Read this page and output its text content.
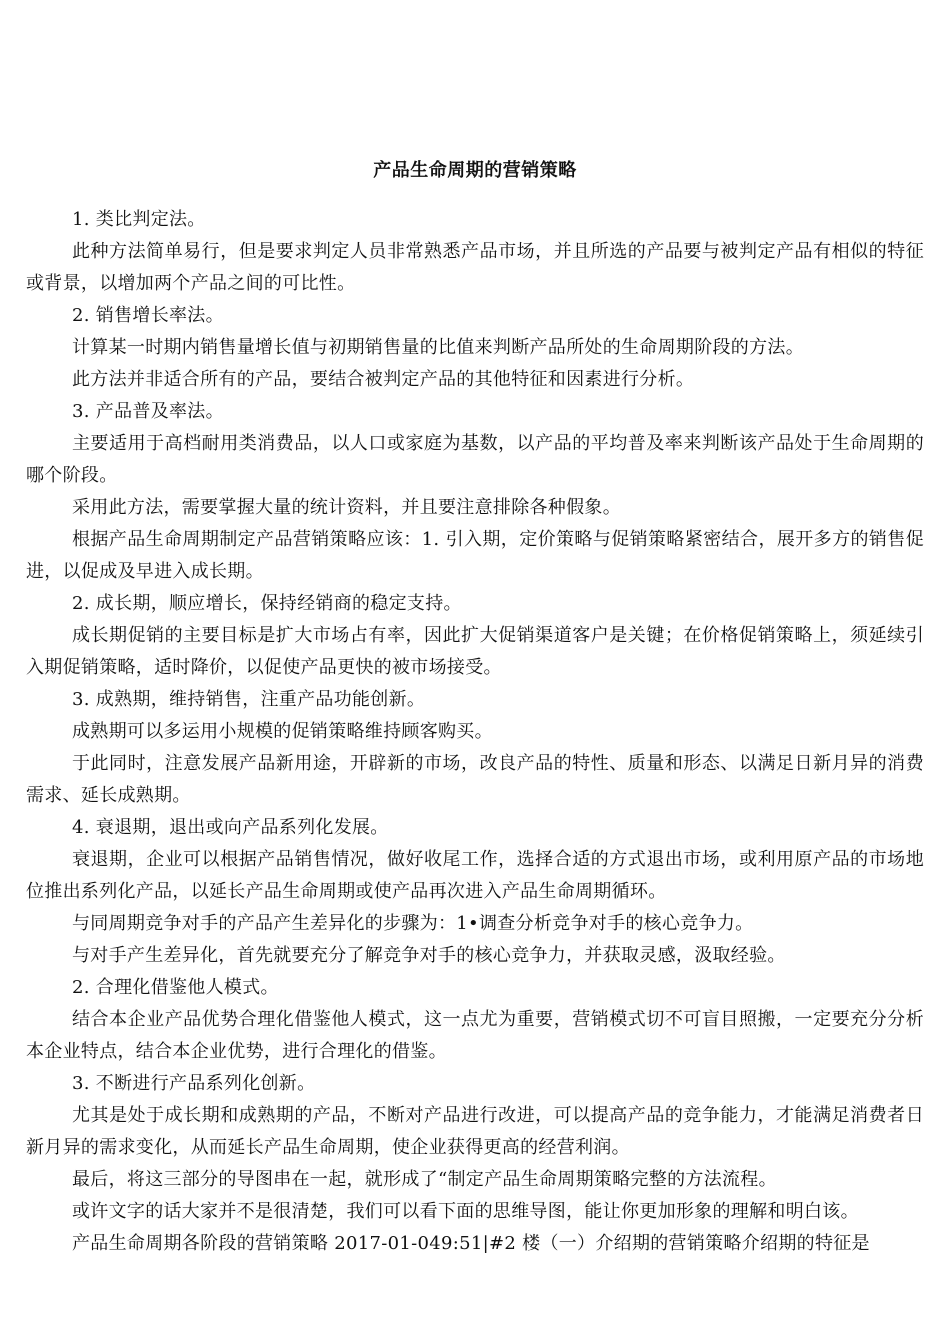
产品生命周期的营销策略

1. 类比判定法。

此种方法简单易行，但是要求判定人员非常熟悉产品市场，并且所选的产品要与被判定产品有相似的特征或背景，以增加两个产品之间的可比性。

2. 销售增长率法。

计算某一时期内销售量增长值与初期销售量的比值来判断产品所处的生命周期阶段的方法。

此方法并非适合所有的产品，要结合被判定产品的其他特征和因素进行分析。

3. 产品普及率法。

主要适用于高档耐用类消费品，以人口或家庭为基数，以产品的平均普及率来判断该产品处于生命周期的哪个阶段。

采用此方法，需要掌握大量的统计资料，并且要注意排除各种假象。

根据产品生命周期制定产品营销策略应该：1. 引入期，定价策略与促销策略紧密结合，展开多方的销售促进，以促成及早进入成长期。

2. 成长期，顺应增长，保持经销商的稳定支持。

成长期促销的主要目标是扩大市场占有率，因此扩大促销渠道客户是关键；在价格促销策略上，须延续引入期促销策略，适时降价，以促使产品更快的被市场接受。

3. 成熟期，维持销售，注重产品功能创新。

成熟期可以多运用小规模的促销策略维持顾客购买。

于此同时，注意发展产品新用途，开辟新的市场，改良产品的特性、质量和形态、以满足日新月异的消费需求、延长成熟期。

4. 衰退期，退出或向产品系列化发展。

衰退期，企业可以根据产品销售情况，做好收尾工作，选择合适的方式退出市场，或利用原产品的市场地位推出系列化产品，以延长产品生命周期或使产品再次进入产品生命周期循环。

与同周期竞争对手的产品产生差异化的步骤为：1•调查分析竞争对手的核心竞争力。

与对手产生差异化，首先就要充分了解竞争对手的核心竞争力，并获取灵感，汲取经验。

2. 合理化借鉴他人模式。

结合本企业产品优势合理化借鉴他人模式，这一点尤为重要，营销模式切不可盲目照搬，一定要充分分析本企业特点，结合本企业优势，进行合理化的借鉴。

3. 不断进行产品系列化创新。

尤其是处于成长期和成熟期的产品，不断对产品进行改进，可以提高产品的竞争能力，才能满足消费者日新月异的需求变化，从而延长产品生命周期，使企业获得更高的经营利润。

最后，将这三部分的导图串在一起，就形成了“制定产品生命周期策略完整的方法流程。

或许文字的话大家并不是很清楚，我们可以看下面的思维导图，能让你更加形象的理解和明白该。

产品生命周期各阶段的营销策略 2017-01-049:51|#2 楼（一）介绍期的营销策略介绍期的特征是
